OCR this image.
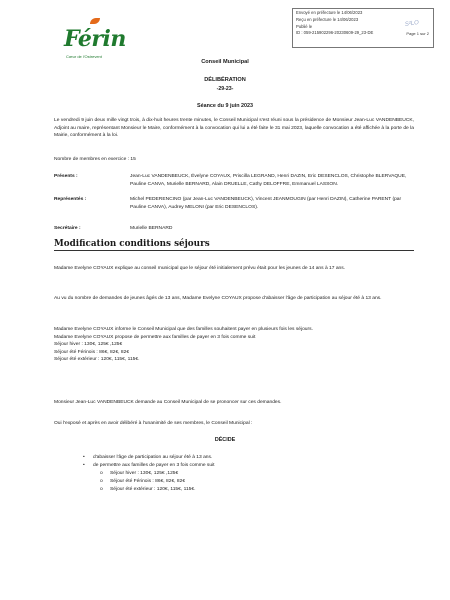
Férin
Cœur de l'Ostrevent
Envoyé en préfecture le 14/06/2023
Reçu en préfecture le 14/06/2023
Publié le
ID : 059-215902296-20230609-29_23-DE
S²LO
Page 1 sur 2
Conseil Municipal
DÉLIBÉRATION
-29-23-
Séance du 9 juin 2023
Le vendredi 9 juin deux mille vingt trois, à dix-huit heures trente minutes, le Conseil Municipal s'est réuni sous la présidence de Monsieur Jean-Luc VANDENBEUCK, Adjoint au maire, représentant Monsieur le Maire, conformément à la convocation qui lui a été faite le 31 mai 2023, laquelle convocation a été affichée à la porte de la Mairie, conformément à la loi.
Nombre de membres en exercice : 15
Présents :	Jean-Luc VANDENBEUCK, Évelyne COYAUX, Priscilla LEGRAND, Henri DAZIN, Eric DESENCLOS, Christophe BLERVAQUE, Pauline CANVA, Murielle BERNARD, Alain DRUELLE, Cathy DELOFFRE, Emmanuel LASSON.
Représentés :	Michel PEDERENCINO (par Jean-Luc VANDENBEUCK), Vincent JEANMOUGIN (par Henri DAZIN), Catherine PARENT (par Pauline CANVA), Audrey MELONI (par Eric DESENCLOS).
Secrétaire :	Murielle BERNARD
Modification conditions séjours
Madame Evelyne COYAUX explique au conseil municipal que le séjour été initialement prévu était pour les jeunes de 14 ans à 17 ans.
Au vu du nombre de demandes de jeunes âgés de 13 ans, Madame Evelyne COYAUX propose d'abaisser l'âge de participation au séjour été à 13 ans.
Madame Evelyne COYAUX informe le Conseil Municipal que des familles souhaitent payer en plusieurs fois les séjours.
Madame Evelyne COYAUX propose de permettre aux familles de payer en 3 fois comme suit
Séjour hiver : 130€, 125€ ,125€
Séjour été Férinois : 86€, 82€, 82€
Séjour été extérieur : 120€, 115€, 115€.
Monsieur Jean-Luc VANDENBEUCK demande au Conseil Municipal de se prononcer sur ces demandes.
Oui l'exposé et après en avoir délibéré à l'unanimité de ses membres, le Conseil Municipal :
DÉCIDE
• d'abaisser l'âge de participation au séjour été à 13 ans.
• de permettre aux familles de payer en 3 fois comme suit
o Séjour hiver : 130€, 125€ ,125€
o Séjour été Férinois : 86€, 82€, 82€
o Séjour été extérieur : 120€, 115€, 115€.
